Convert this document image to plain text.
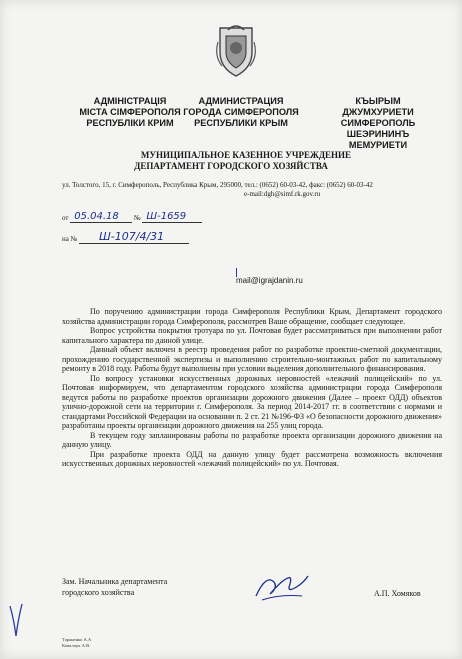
АДМІНІСТРАЦІЯ
МІСТА СІМФЕРОПОЛЯ
РЕСПУБЛІКИ КРИМ
АДМИНИСТРАЦИЯ
ГОРОДА СИМФЕРОПОЛЯ
РЕСПУБЛИКИ КРЫМ
КЪЫРЫМ ДЖУМХУРИЕТИ
СИМФЕРОПОЛЬ
ШЕЭРИНИНЪ
МЕМУРИЕТИ
МУНИЦИПАЛЬНОЕ КАЗЕННОЕ УЧРЕЖДЕНИЕ
ДЕПАРТАМЕНТ ГОРОДСКОГО ХОЗЯЙСТВА
ул. Толстого, 15, г. Симферополь, Республика Крым, 295000, тел.: (0652) 60-03-42, факс: (0652) 60-03-42
e-mail:dgh@simf.rk.gov.ru
от 05.04.18 № Ш-1659
на № Ш-107/4/31
mail@igrajdanin.ru

По поручению администрации города Симферополя Республики Крым, Департамент городского хозяйства администрации города Симферополя, рассмотрев Ваше обращение, сообщает следующее.

Вопрос устройства покрытия тротуара по ул. Почтовая будет рассматриваться при выполнении работ капитального характера по данной улице.

Данный объект включен в реестр проведения работ по разработке проектно-сметной документации, прохождению государственной экспертизы и выполнению строительно-монтажных работ по капитальному ремонту в 2018 году. Работы будут выполнены при условии выделения дополнительного финансирования.

По вопросу установки искусственных дорожных неровностей «лежачий полицейский» по ул. Почтовая информируем, что департаментом городского хозяйства администрации города Симферополя ведутся работы по разработке проектов организации дорожного движения (Далее – проект ОДД) объектов улично-дорожной сети на территории г. Симферополя. За период 2014-2017 гг. в соответствии с нормами и стандартами Российской Федерации на основании п. 2 ст. 21 №196-ФЗ «О безопасности дорожного движения» разработаны проекты организации дорожного движения на 255 улиц города.

В текущем году запланированы работы по разработке проекта организации дорожного движения на данную улицу.

При разработке проекта ОДД на данную улицу будет рассмотрена возможность включения искусственных дорожных неровностей «лежачий полицейский» по ул. Почтовая.

Зам. Начальника департамента
городского хозяйства	А.П. Хомяков
Тараненко А.А
Ковалчук А.В.
